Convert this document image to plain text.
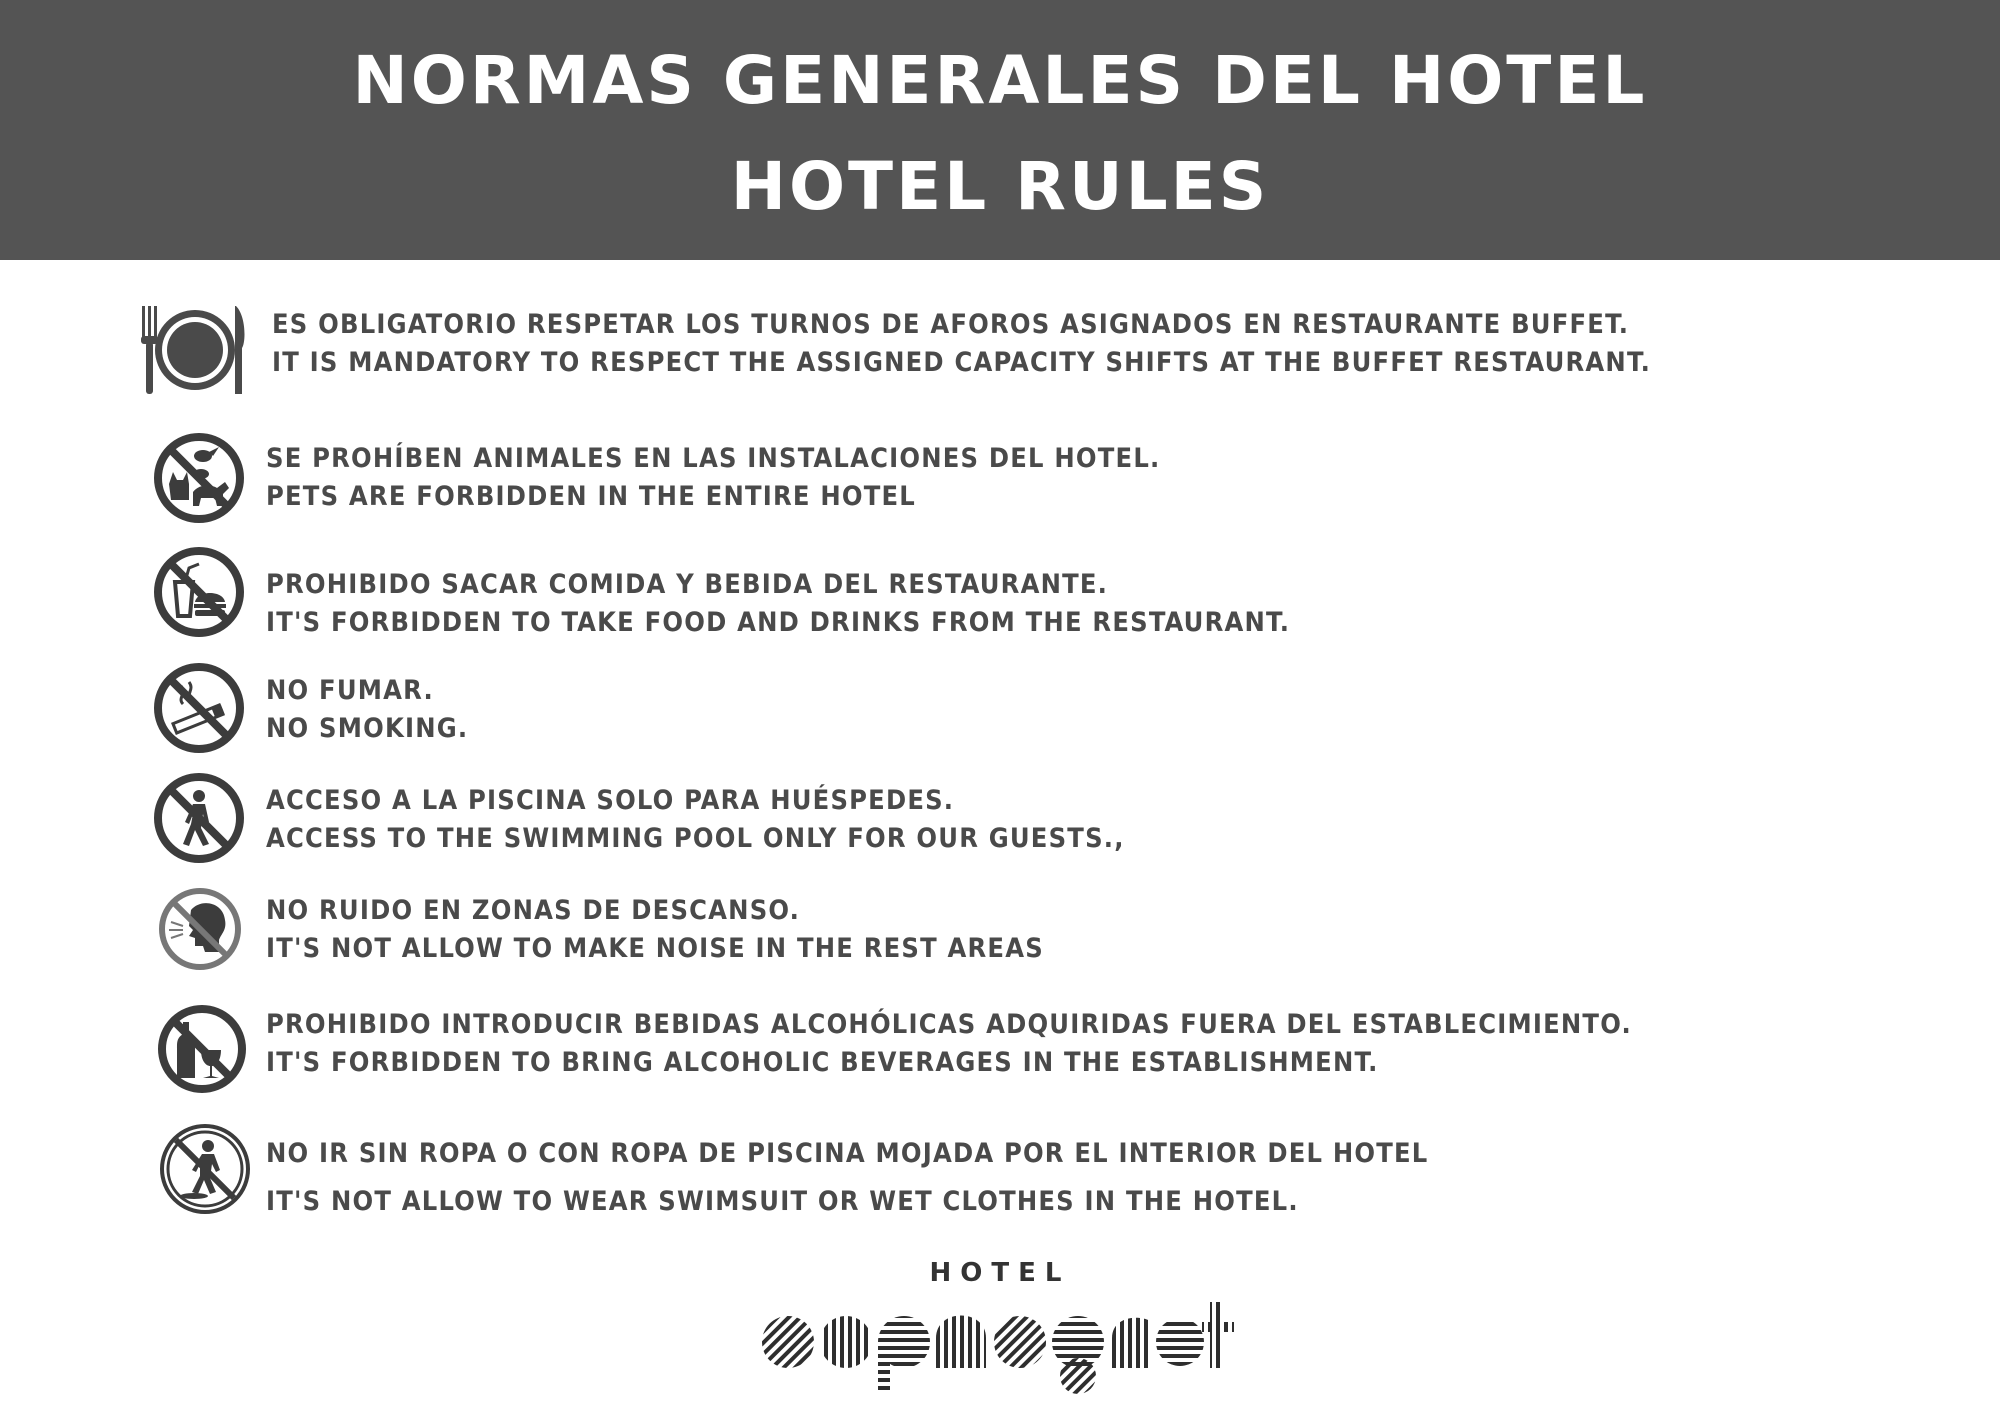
NORMAS GENERALES DEL HOTEL
HOTEL RULES
ES OBLIGATORIO RESPETAR LOS TURNOS DE AFOROS ASIGNADOS EN RESTAURANTE BUFFET.
IT IS MANDATORY TO RESPECT THE ASSIGNED CAPACITY SHIFTS AT THE BUFFET RESTAURANT.
SE PROHÍBEN ANIMALES EN LAS INSTALACIONES DEL HOTEL.
PETS ARE FORBIDDEN IN THE ENTIRE HOTEL
PROHIBIDO SACAR COMIDA Y BEBIDA DEL RESTAURANTE.
IT'S FORBIDDEN TO TAKE FOOD AND DRINKS FROM THE RESTAURANT.
NO FUMAR.
NO SMOKING.
ACCESO A LA PISCINA SOLO PARA HUÉSPEDES.
ACCESS TO THE SWIMMING POOL ONLY FOR OUR GUESTS.,
NO RUIDO EN ZONAS DE DESCANSO.
IT'S NOT ALLOW TO MAKE NOISE IN THE REST AREAS
PROHIBIDO INTRODUCIR BEBIDAS ALCOHÓLICAS ADQUIRIDAS FUERA DEL ESTABLECIMIENTO.
IT'S FORBIDDEN TO BRING ALCOHOLIC BEVERAGES IN THE ESTABLISHMENT.
NO IR SIN ROPA O CON ROPA DE PISCINA MOJADA POR EL INTERIOR DEL HOTEL
IT'S NOT ALLOW TO WEAR SWIMSUIT OR WET CLOTHES IN THE HOTEL.
HOTEL
